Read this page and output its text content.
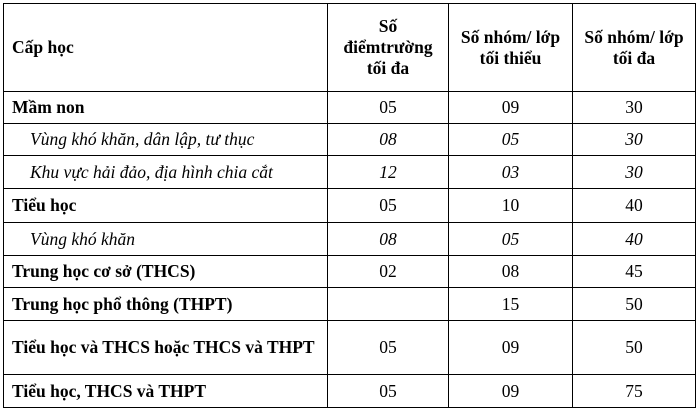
Cấp học	Số điểmtrường tối đa	Số nhóm/ lớp tối thiểu	Số nhóm/ lớp tối đa
Mầm non	05	09	30
Vùng khó khăn, dân lập, tư thục	08	05	30
Khu vực hải đảo, địa hình chia cắt	12	03	30
Tiểu học	05	10	40
Vùng khó khăn	08	05	40
Trung học cơ sở (THCS)	02	08	45
Trung học phổ thông (THPT)		15	50
Tiểu học và THCS hoặc THCS và THPT	05	09	50
Tiểu học, THCS và THPT	05	09	75
